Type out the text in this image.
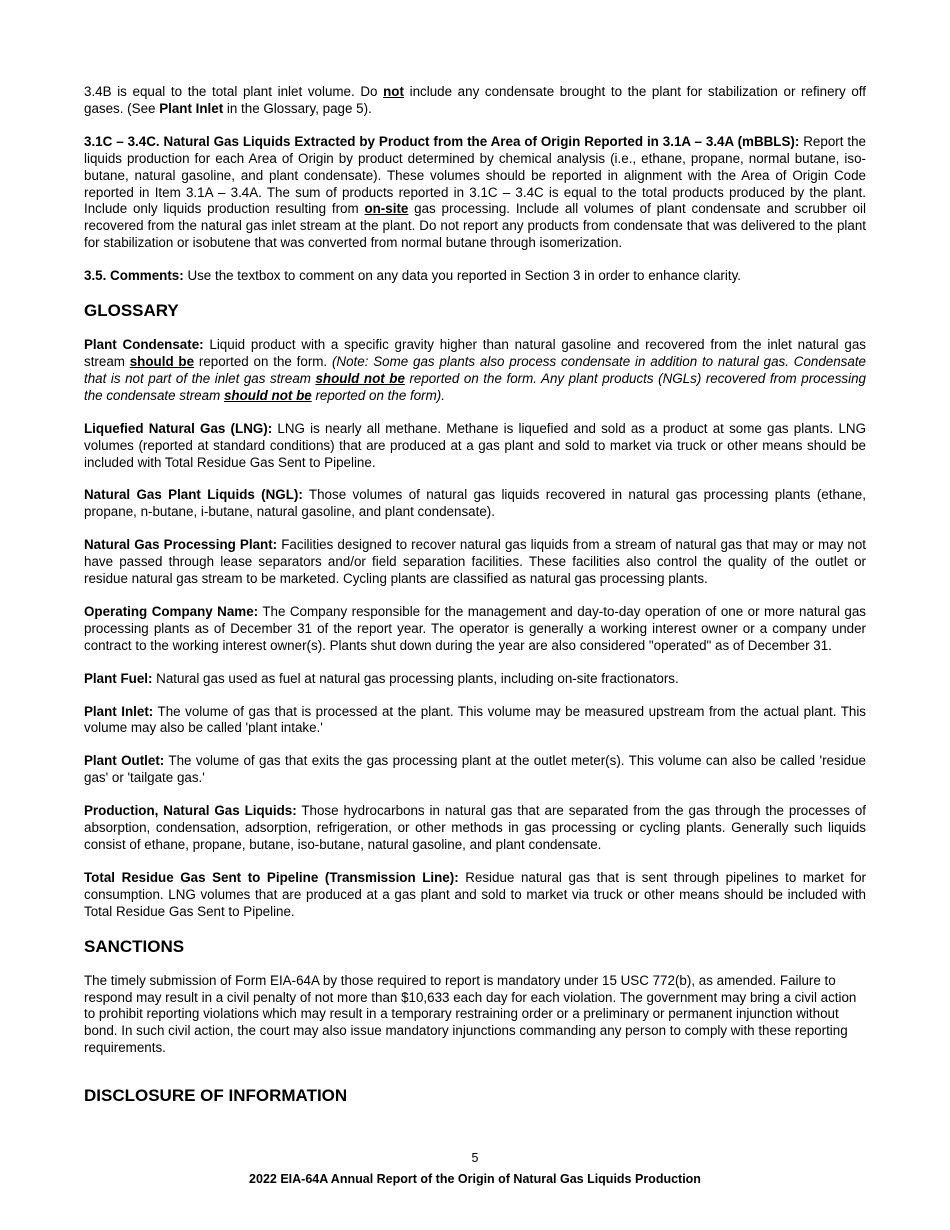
3.4B is equal to the total plant inlet volume. Do not include any condensate brought to the plant for stabilization or refinery off gases. (See Plant Inlet in the Glossary, page 5).

3.1C – 3.4C. Natural Gas Liquids Extracted by Product from the Area of Origin Reported in 3.1A – 3.4A (mBBLS): Report the liquids production for each Area of Origin by product determined by chemical analysis (i.e., ethane, propane, normal butane, iso-butane, natural gasoline, and plant condensate). These volumes should be reported in alignment with the Area of Origin Code reported in Item 3.1A – 3.4A. The sum of products reported in 3.1C – 3.4C is equal to the total products produced by the plant. Include only liquids production resulting from on-site gas processing. Include all volumes of plant condensate and scrubber oil recovered from the natural gas inlet stream at the plant. Do not report any products from condensate that was delivered to the plant for stabilization or isobutene that was converted from normal butane through isomerization.

3.5. Comments: Use the textbox to comment on any data you reported in Section 3 in order to enhance clarity.

GLOSSARY

Plant Condensate: Liquid product with a specific gravity higher than natural gasoline and recovered from the inlet natural gas stream should be reported on the form. (Note: Some gas plants also process condensate in addition to natural gas. Condensate that is not part of the inlet gas stream should not be reported on the form. Any plant products (NGLs) recovered from processing the condensate stream should not be reported on the form).

Liquefied Natural Gas (LNG): LNG is nearly all methane. Methane is liquefied and sold as a product at some gas plants. LNG volumes (reported at standard conditions) that are produced at a gas plant and sold to market via truck or other means should be included with Total Residue Gas Sent to Pipeline.

Natural Gas Plant Liquids (NGL): Those volumes of natural gas liquids recovered in natural gas processing plants (ethane, propane, n-butane, i-butane, natural gasoline, and plant condensate).

Natural Gas Processing Plant: Facilities designed to recover natural gas liquids from a stream of natural gas that may or may not have passed through lease separators and/or field separation facilities. These facilities also control the quality of the outlet or residue natural gas stream to be marketed. Cycling plants are classified as natural gas processing plants.

Operating Company Name: The Company responsible for the management and day-to-day operation of one or more natural gas processing plants as of December 31 of the report year. The operator is generally a working interest owner or a company under contract to the working interest owner(s). Plants shut down during the year are also considered "operated" as of December 31.

Plant Fuel: Natural gas used as fuel at natural gas processing plants, including on-site fractionators.

Plant Inlet: The volume of gas that is processed at the plant. This volume may be measured upstream from the actual plant. This volume may also be called 'plant intake.'

Plant Outlet: The volume of gas that exits the gas processing plant at the outlet meter(s). This volume can also be called 'residue gas' or 'tailgate gas.'

Production, Natural Gas Liquids: Those hydrocarbons in natural gas that are separated from the gas through the processes of absorption, condensation, adsorption, refrigeration, or other methods in gas processing or cycling plants. Generally such liquids consist of ethane, propane, butane, iso-butane, natural gasoline, and plant condensate.

Total Residue Gas Sent to Pipeline (Transmission Line): Residue natural gas that is sent through pipelines to market for consumption. LNG volumes that are produced at a gas plant and sold to market via truck or other means should be included with Total Residue Gas Sent to Pipeline.

SANCTIONS

The timely submission of Form EIA-64A by those required to report is mandatory under 15 USC 772(b), as amended. Failure to respond may result in a civil penalty of not more than $10,633 each day for each violation. The government may bring a civil action to prohibit reporting violations which may result in a temporary restraining order or a preliminary or permanent injunction without bond. In such civil action, the court may also issue mandatory injunctions commanding any person to comply with these reporting requirements.

DISCLOSURE OF INFORMATION
5
2022 EIA-64A Annual Report of the Origin of Natural Gas Liquids Production
